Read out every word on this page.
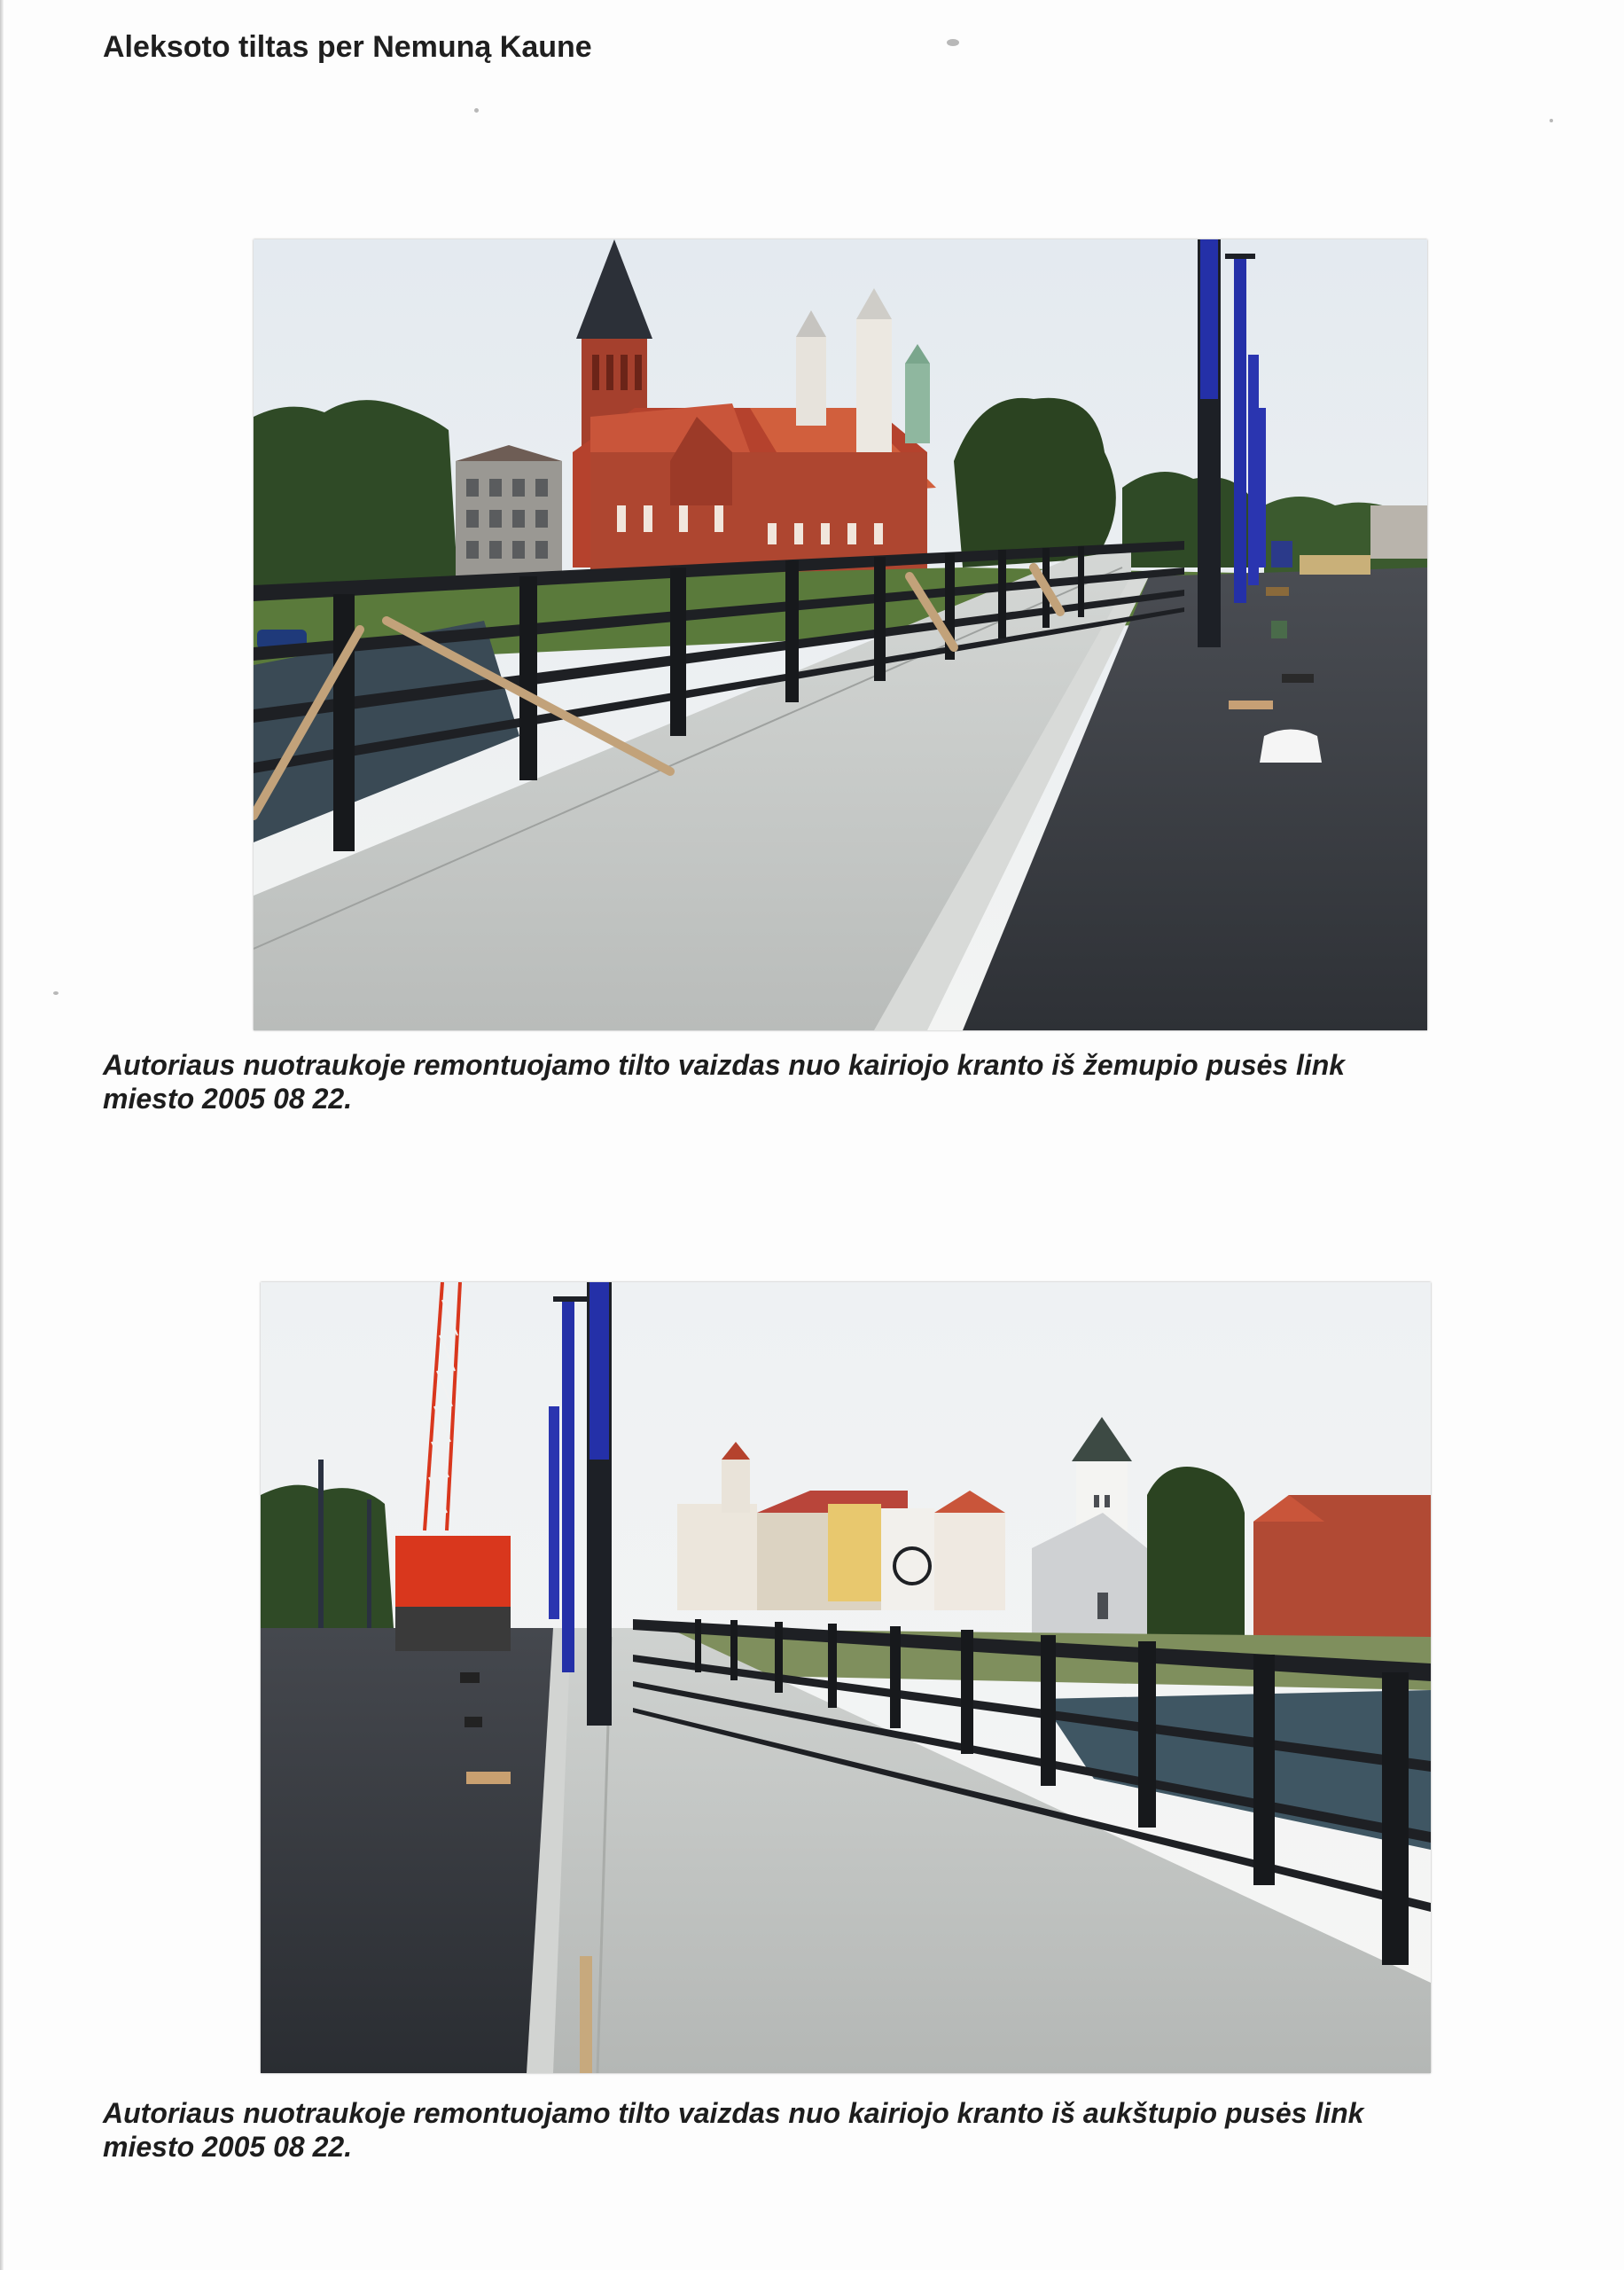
Aleksoto tiltas per Nemuną Kaune

Autoriaus nuotraukoje remontuojamo tilto vaizdas nuo kairiojo kranto iš žemupio pusės link
miesto 2005 08 22.

Autoriaus nuotraukoje remontuojamo tilto vaizdas nuo kairiojo kranto iš aukštupio pusės link
miesto 2005 08 22.
